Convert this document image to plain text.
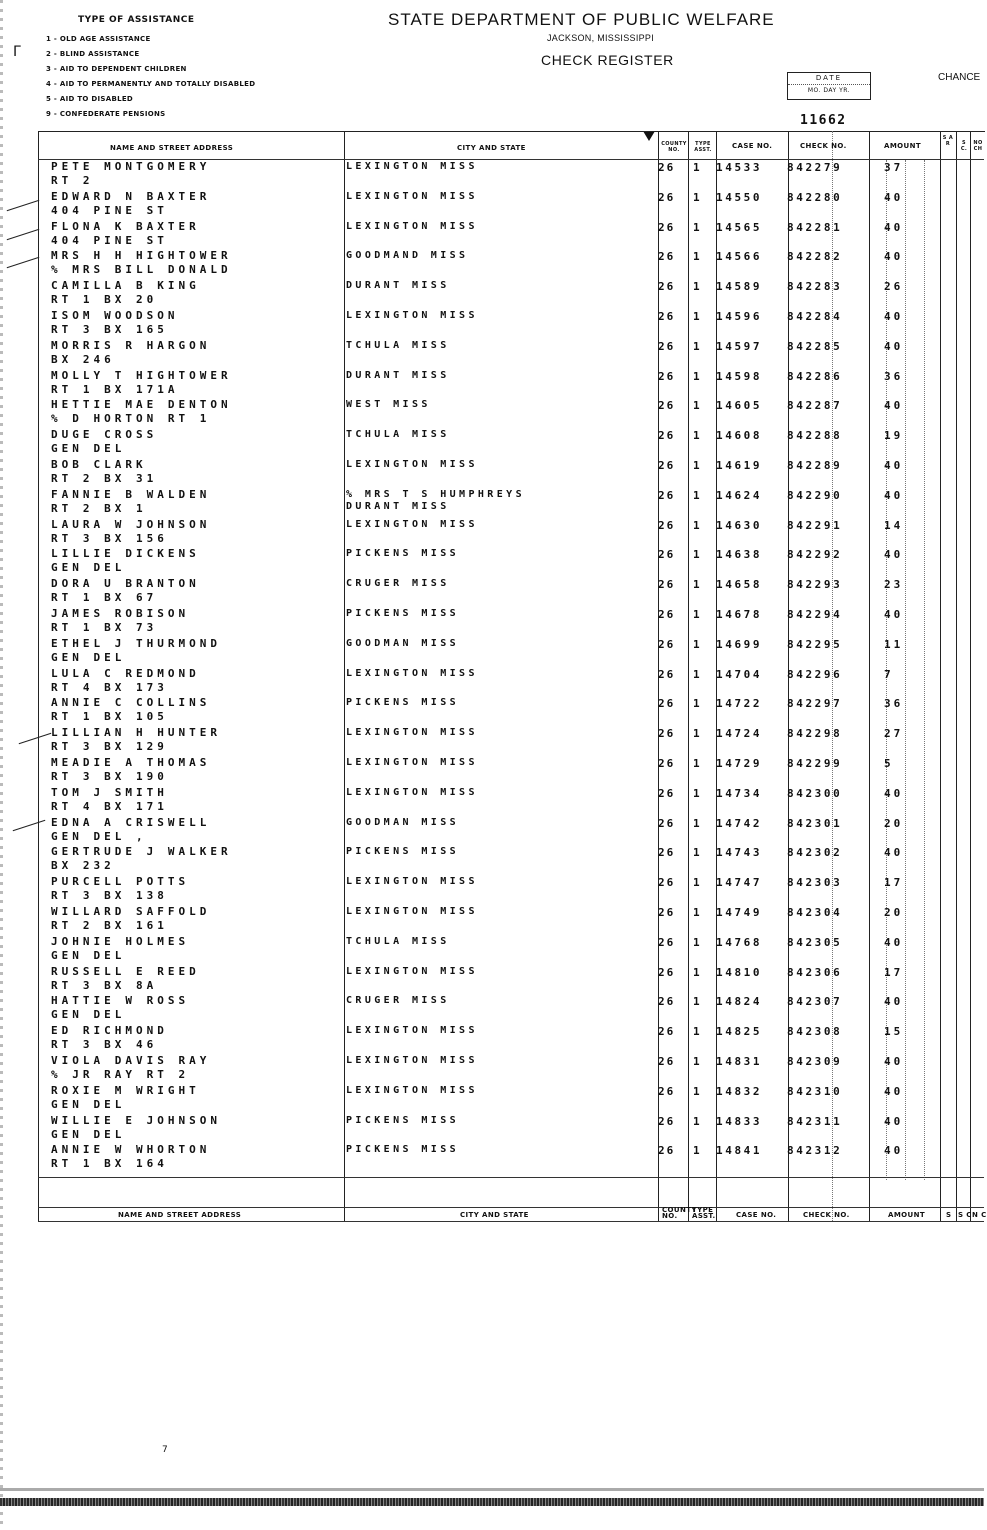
Γ
TYPE OF ASSISTANCE
1 - OLD AGE ASSISTANCE
2 - BLIND ASSISTANCE
3 - AID TO DEPENDENT CHILDREN
4 - AID TO PERMANENTLY AND TOTALLY DISABLED
5 - AID TO DISABLED
9 - CONFEDERATE PENSIONS
STATE DEPARTMENT OF PUBLIC WELFARE
JACKSON, MISSISSIPPI
CHECK REGISTER
CHANCE
DATE
MO. DAY YR.
11662
NAME AND STREET ADDRESS	CITY AND STATE	COUNTY NO.
TYPE ASST.	CASE NO.	CHECK NO.	AMOUNT
S A R	S C.
NO CH
PETE MONTGOMERY
RT 2
LEXINGTON MISS	26 1 14533 842279	37
EDWARD N BAXTER
404 PINE ST
LEXINGTON MISS	26 1 14550 842280	40
FLONA K BAXTER
404 PINE ST
LEXINGTON MISS	26 1 14565 842281	40
MRS H H HIGHTOWER
% MRS BILL DONALD
GOODMAND MISS	26 1 14566 842282	40
CAMILLA B KING
RT 1 BX 20
DURANT MISS	26 1 14589 842283	26
ISOM WOODSON
RT 3 BX 165
LEXINGTON MISS	26 1 14596 842284	40
MORRIS R HARGON
BX 246
TCHULA MISS	26 1 14597 842285	40
MOLLY T HIGHTOWER
RT 1 BX 171A
DURANT MISS	26 1 14598 842286	36
HETTIE MAE DENTON
% D HORTON RT 1
WEST MISS	26 1 14605 842287	40
DUGE CROSS
GEN DEL
TCHULA MISS	26 1 14608 842288	19
BOB CLARK
RT 2 BX 31
LEXINGTON MISS	26 1 14619 842289	40
FANNIE B WALDEN
RT 2 BX 1
% MRS T S HUMPHREYS
DURANT MISS
26 1 14624 842290	40
LAURA W JOHNSON
RT 3 BX 156
LEXINGTON MISS	26 1 14630 842291	14
LILLIE DICKENS
GEN DEL
PICKENS MISS	26 1 14638 842292	40
DORA U BRANTON
RT 1 BX 67
CRUGER MISS	26 1 14658 842293	23
JAMES ROBISON
RT 1 BX 73
PICKENS MISS	26 1 14678 842294	40
ETHEL J THURMOND
GEN DEL
GOODMAN MISS	26 1 14699 842295	11
LULA C REDMOND
RT 4 BX 173
LEXINGTON MISS	26 1 14704 842296	7
ANNIE C COLLINS
RT 1 BX 105
PICKENS MISS	26 1 14722 842297	36
LILLIAN H HUNTER
RT 3 BX 129
LEXINGTON MISS	26 1 14724 842298	27
MEADIE A THOMAS
RT 3 BX 190
LEXINGTON MISS	26 1 14729 842299	5
TOM J SMITH
RT 4 BX 171
LEXINGTON MISS	26 1 14734 842300	40
EDNA A CRISWELL
GEN DEL ,
GOODMAN MISS	26 1 14742 842301	20
GERTRUDE J WALKER
BX 232
PICKENS MISS	26 1 14743 842302	40
PURCELL POTTS
RT 3 BX 138
LEXINGTON MISS	26 1 14747 842303	17
WILLARD SAFFOLD
RT 2 BX 161
LEXINGTON MISS	26 1 14749 842304	20
JOHNIE HOLMES
GEN DEL
TCHULA MISS	26 1 14768 842305	40
RUSSELL E REED
RT 3 BX 8A
LEXINGTON MISS	26 1 14810 842306	17
HATTIE W ROSS
GEN DEL
CRUGER MISS	26 1 14824 842307	40
ED RICHMOND
RT 3 BX 46
LEXINGTON MISS	26 1 14825 842308	15
VIOLA DAVIS RAY
% JR RAY RT 2
LEXINGTON MISS	26 1 14831 842309	40
ROXIE M WRIGHT
GEN DEL
LEXINGTON MISS	26 1 14832 842310	40
WILLIE E JOHNSON
GEN DEL
PICKENS MISS	26 1 14833 842311	40
ANNIE W WHORTON
RT 1 BX 164
PICKENS MISS	26 1 14841 842312	40
NAME AND STREET ADDRESS	CITY AND STATE
COUNTY NO.
TYPE ASST.	CASE NO.	CHECK NO.	AMOUNT	S S C N C
7
